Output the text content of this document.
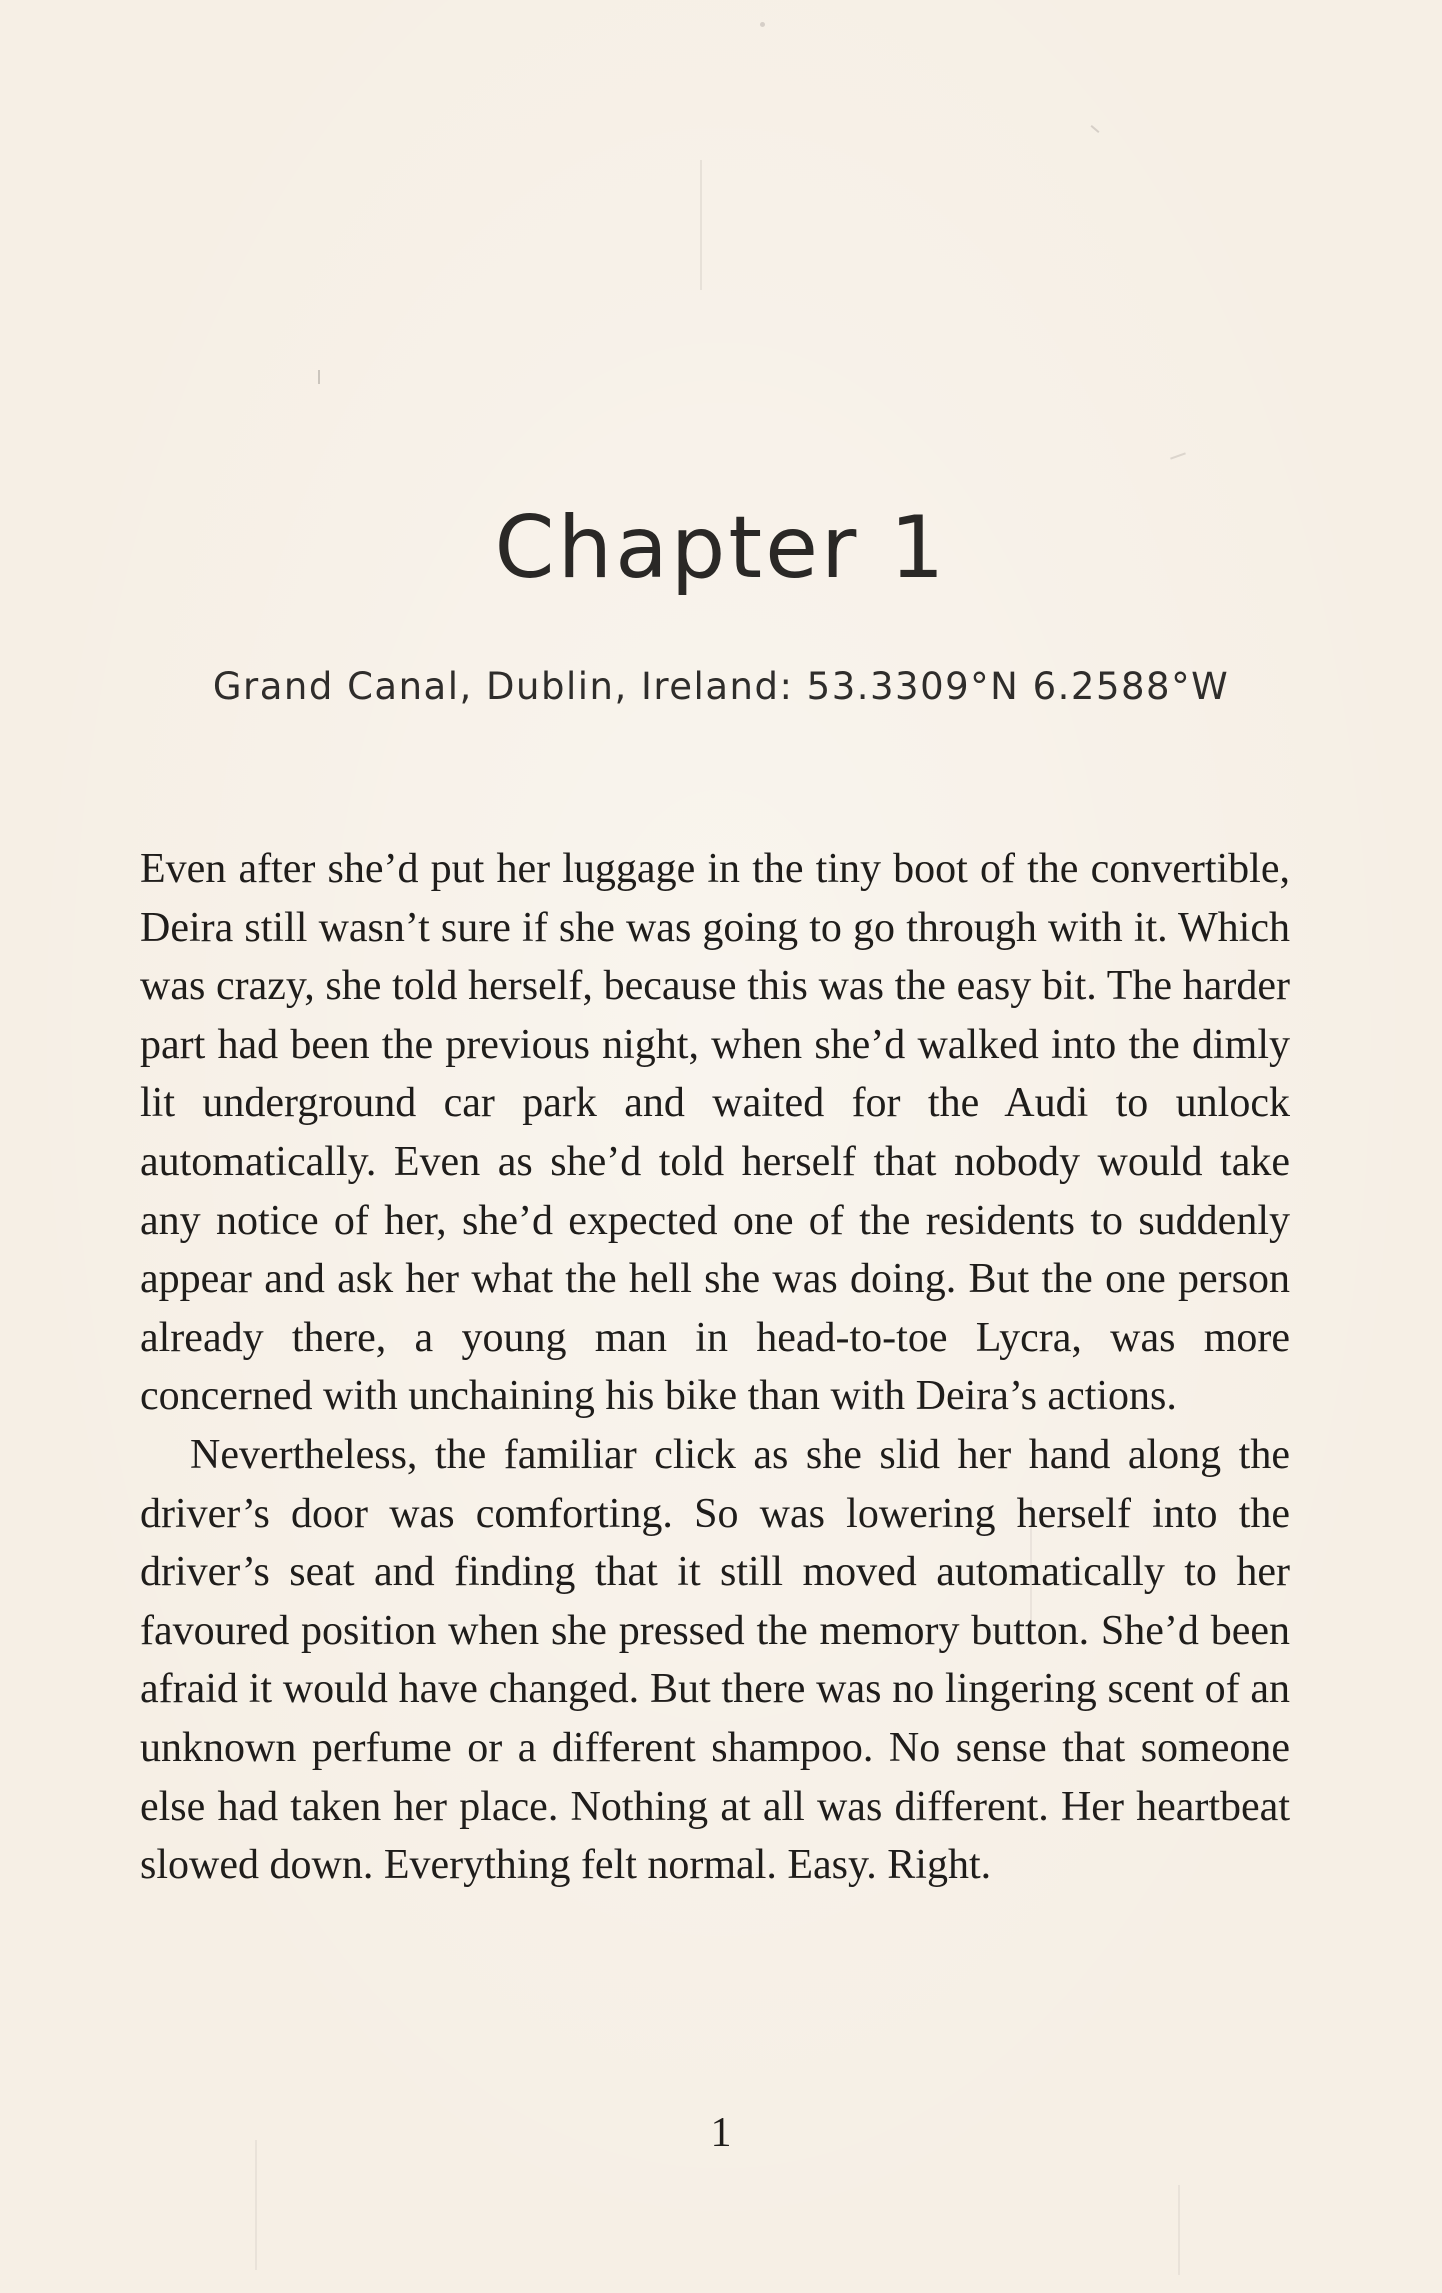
Chapter 1
Grand Canal, Dublin, Ireland: 53.3309°N 6.2588°W

Even after she’d put her luggage in the tiny boot of the convertible, Deira still wasn’t sure if she was going to go through with it. Which was crazy, she told herself, because this was the easy bit. The harder part had been the previous night, when she’d walked into the dimly lit underground car park and waited for the Audi to unlock automatically. Even as she’d told herself that nobody would take any notice of her, she’d expected one of the residents to suddenly appear and ask her what the hell she was doing. But the one person already there, a young man in head-to-toe Lycra, was more concerned with unchaining his bike than with Deira’s actions.

Nevertheless, the familiar click as she slid her hand along the driver’s door was comforting. So was lowering herself into the driver’s seat and finding that it still moved automatically to her favoured position when she pressed the memory button. She’d been afraid it would have changed. But there was no lingering scent of an unknown perfume or a different shampoo. No sense that someone else had taken her place. Nothing at all was different. Her heartbeat slowed down. Everything felt normal. Easy. Right.

1
